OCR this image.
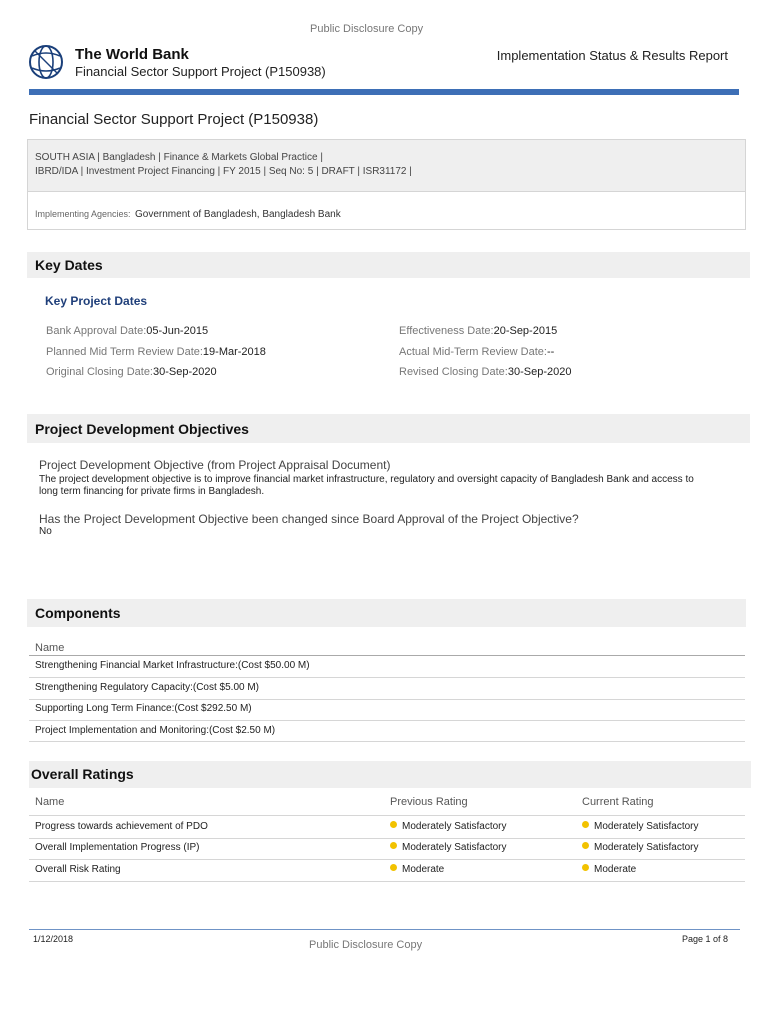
Public Disclosure Copy
The World Bank
Financial Sector Support Project (P150938)
Implementation Status & Results Report
Financial Sector Support Project (P150938)
SOUTH ASIA | Bangladesh | Finance & Markets Global Practice |
IBRD/IDA | Investment Project Financing | FY 2015 | Seq No: 5 | DRAFT | ISR31172 |
Implementing Agencies: Government of Bangladesh, Bangladesh Bank
Key Dates
Key Project Dates
Bank Approval Date:05-Jun-2015	Effectiveness Date:20-Sep-2015
Planned Mid Term Review Date:19-Mar-2018	Actual Mid-Term Review Date:--
Original Closing Date:30-Sep-2020	Revised Closing Date:30-Sep-2020
Project Development Objectives
Project Development Objective (from Project Appraisal Document)
The project development objective is to improve financial market infrastructure, regulatory and oversight capacity of Bangladesh Bank and access to
long term financing for private firms in Bangladesh.
Has the Project Development Objective been changed since Board Approval of the Project Objective?
No
Components
Name
Strengthening Financial Market Infrastructure:(Cost $50.00 M)
Strengthening Regulatory Capacity:(Cost $5.00 M)
Supporting Long Term Finance:(Cost $292.50 M)
Project Implementation and Monitoring:(Cost $2.50 M)
Overall Ratings
Name	Previous Rating	Current Rating
Progress towards achievement of PDO	Moderately Satisfactory	Moderately Satisfactory
Overall Implementation Progress (IP)	Moderately Satisfactory	Moderately Satisfactory
Overall Risk Rating	Moderate	Moderate
1/12/2018	Public Disclosure Copy	Page 1 of 8
